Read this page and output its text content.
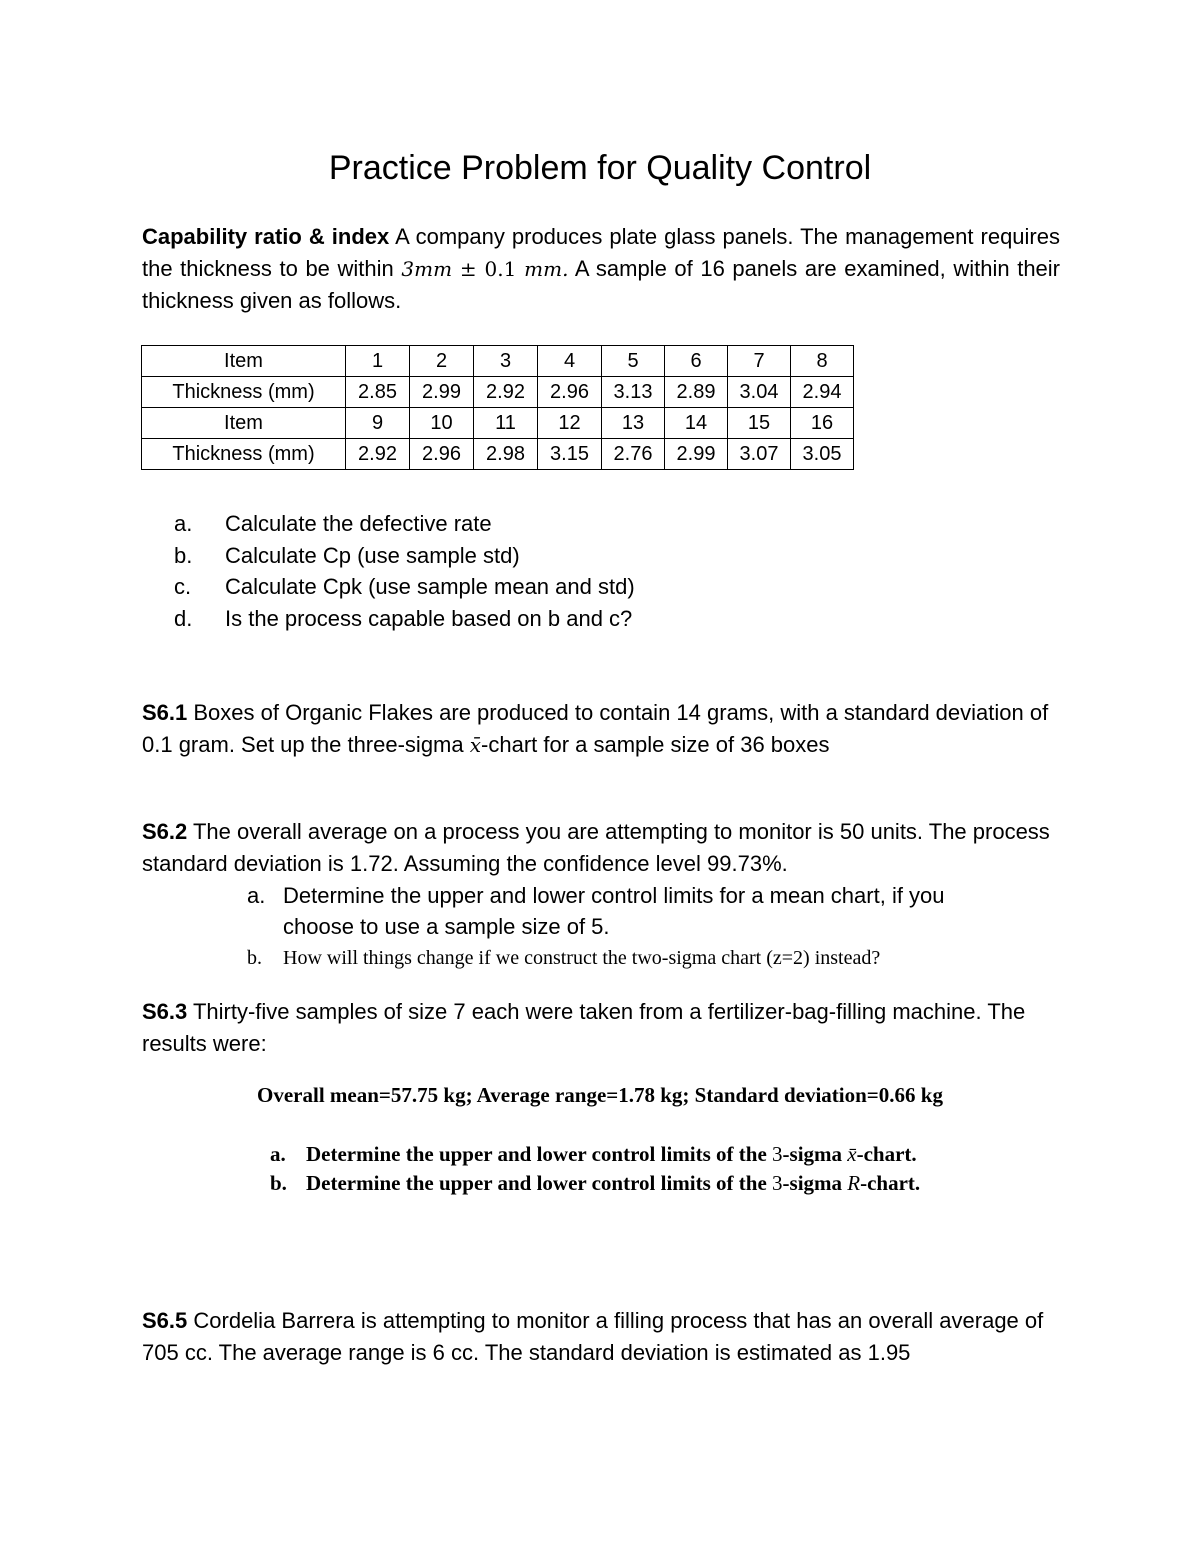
Practice Problem for Quality Control
Capability ratio & index A company produces plate glass panels. The management requires the thickness to be within 3mm ± 0.1 mm. A sample of 16 panels are examined, within their thickness given as follows.
Item	1	2	3	4	5	6	7	8
Thickness (mm)	2.85	2.99	2.92	2.96	3.13	2.89	3.04	2.94
Item	9	10	11	12	13	14	15	16
Thickness (mm)	2.92	2.96	2.98	3.15	2.76	2.99	3.07	3.05
a.	Calculate the defective rate
b.	Calculate Cp (use sample std)
c.	Calculate Cpk (use sample mean and std)
d.	Is the process capable based on b and c?
S6.1 Boxes of Organic Flakes are produced to contain 14 grams, with a standard deviation of 0.1 gram. Set up the three-sigma x̄-chart for a sample size of 36 boxes
S6.2 The overall average on a process you are attempting to monitor is 50 units. The process standard deviation is 1.72. Assuming the confidence level 99.73%.
a. Determine the upper and lower control limits for a mean chart, if you
choose to use a sample size of 5.
b.	How will things change if we construct the two-sigma chart (z=2) instead?
S6.3 Thirty-five samples of size 7 each were taken from a fertilizer-bag-filling machine. The results were:
Overall mean=57.75 kg; Average range=1.78 kg; Standard deviation=0.66 kg
a. Determine the upper and lower control limits of the 3-sigma x̄-chart.
b. Determine the upper and lower control limits of the 3-sigma R-chart.
S6.5 Cordelia Barrera is attempting to monitor a filling process that has an overall average of 705 cc. The average range is 6 cc. The standard deviation is estimated as 1.95
